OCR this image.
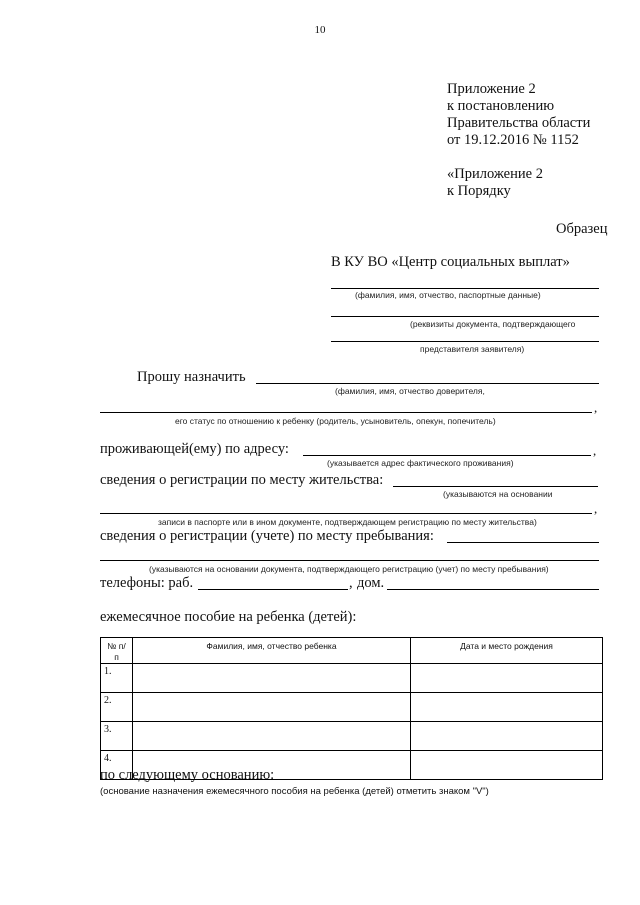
10
Приложение 2
к постановлению
Правительства области
от 19.12.2016 № 1152
«Приложение 2
к Порядку
Образец
В КУ ВО «Центр социальных выплат»
(фамилия, имя, отчество, паспортные данные)
(реквизиты документа, подтверждающего
представителя заявителя)
Прошу назначить
(фамилия, имя, отчество доверителя,
,
его статус по отношению к ребенку (родитель, усыновитель, опекун, попечитель)
проживающей(ему) по адресу:	,
(указывается адрес фактического проживания)
сведения о регистрации по месту жительства:
(указываются на основании
,
записи в паспорте или в ином документе, подтверждающем регистрацию по месту жительства)
сведения о регистрации (учете) по месту пребывания:
(указываются на основании документа, подтверждающего регистрацию (учет) по месту пребывания)
телефоны: раб.	, дом.
ежемесячное пособие на ребенка (детей):
№ п/п	Фамилия, имя, отчество ребенка	Дата и место рождения
1.		
2.		
3.		
4.		
по следующему основанию:
(основание назначения ежемесячного пособия на ребенка (детей) отметить знаком "V")
